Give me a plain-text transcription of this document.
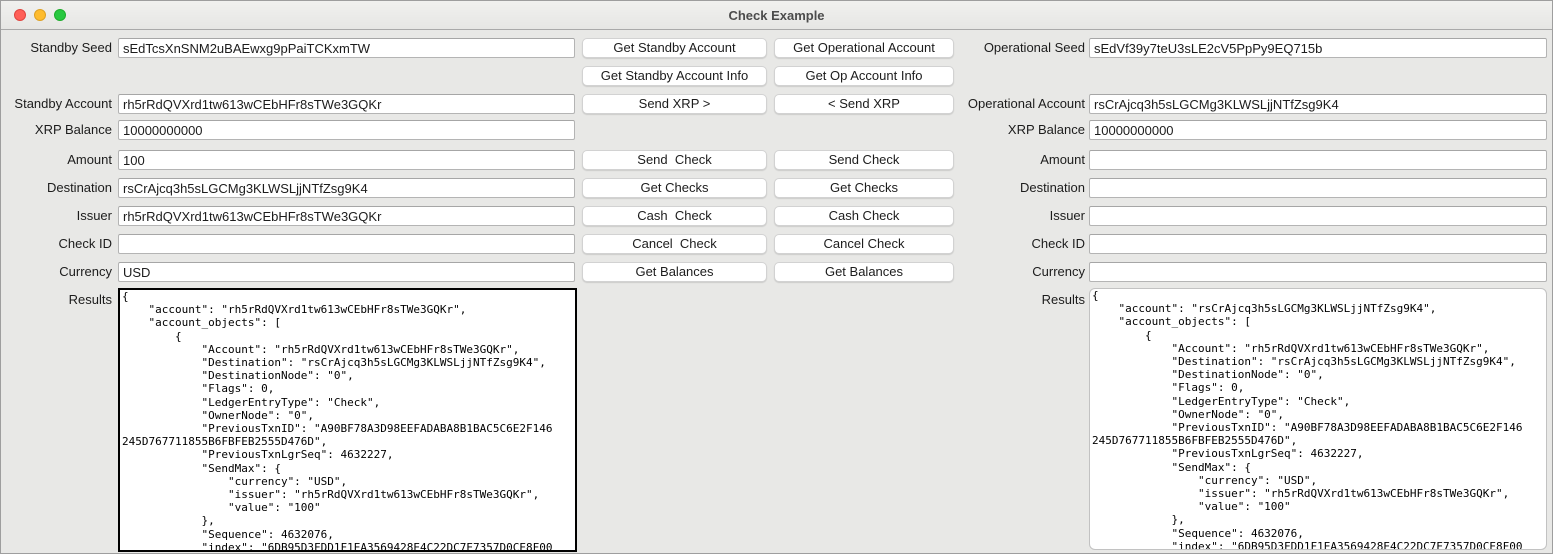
Check Example
Standby Seed
sEdTcsXnSNM2uBAEwxg9pPaiTCKxmTW
Standby Account
rh5rRdQVXrd1tw613wCEbHFr8sTWe3GQKr
XRP Balance
10000000000
Amount
100
Destination
rsCrAjcq3h5sLGCMg3KLWSLjjNTfZsg9K4
Issuer
rh5rRdQVXrd1tw613wCEbHFr8sTWe3GQKr
Check ID
Currency
USD
Results
{ "account": "rh5rRdQVXrd1tw613wCEbHFr8sTWe3GQKr", "account_objects": [ { "Account": "rh5rRdQVXrd1tw613wCEbHFr8sTWe3GQKr", "Destination": "rsCrAjcq3h5sLGCMg3KLWSLjjNTfZsg9K4", "DestinationNode": "0", "Flags": 0, "LedgerEntryType": "Check", "OwnerNode": "0", "PreviousTxnID": "A90BF78A3D98EEFADABA8B1BAC5C6E2F146 245D767711855B6FBFEB2555D476D", "PreviousTxnLgrSeq": 4632227, "SendMax": { "currency": "USD", "issuer": "rh5rRdQVXrd1tw613wCEbHFr8sTWe3GQKr", "value": "100" }, "Sequence": 4632076, "index": "6DB95D3FDD1F1EA3569428E4C22DC7E7357D0CE8F00
Get Standby Account
Get Standby Account Info
Send XRP >
Send  Check
Get Checks
Cash  Check
Cancel  Check
Get Balances
Get Operational Account
Get Op Account Info
< Send XRP
Send Check
Get Checks
Cash Check
Cancel Check
Get Balances
Operational Seed
sEdVf39y7teU3sLE2cV5PpPy9EQ715b
Operational Account
rsCrAjcq3h5sLGCMg3KLWSLjjNTfZsg9K4
XRP Balance
10000000000
Amount
Destination
Issuer
Check ID
Currency
Results
{ "account": "rsCrAjcq3h5sLGCMg3KLWSLjjNTfZsg9K4", "account_objects": [ { "Account": "rh5rRdQVXrd1tw613wCEbHFr8sTWe3GQKr", "Destination": "rsCrAjcq3h5sLGCMg3KLWSLjjNTfZsg9K4", "DestinationNode": "0", "Flags": 0, "LedgerEntryType": "Check", "OwnerNode": "0", "PreviousTxnID": "A90BF78A3D98EEFADABA8B1BAC5C6E2F146 245D767711855B6FBFEB2555D476D", "PreviousTxnLgrSeq": 4632227, "SendMax": { "currency": "USD", "issuer": "rh5rRdQVXrd1tw613wCEbHFr8sTWe3GQKr", "value": "100" }, "Sequence": 4632076, "index": "6DB95D3FDD1F1EA3569428E4C22DC7E7357D0CE8F00
